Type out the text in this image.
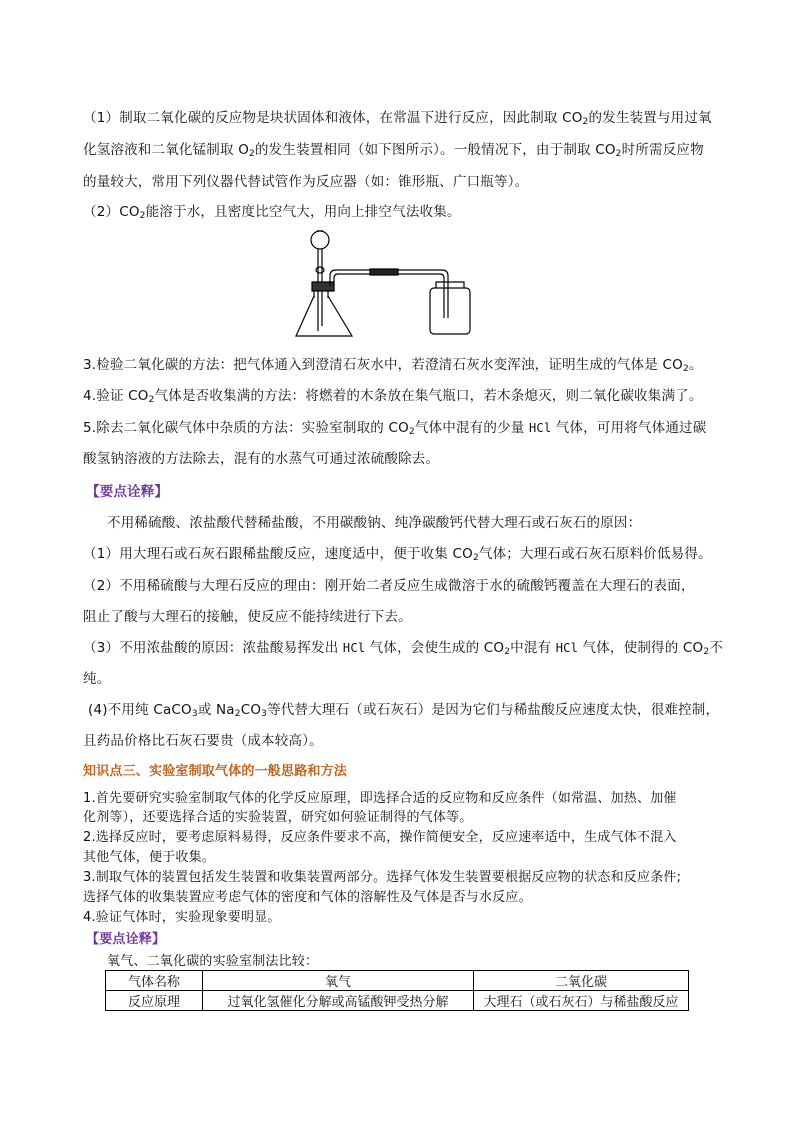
（1）制取二氧化碳的反应物是块状固体和液体，在常温下进行反应，因此制取 $CO_2$的发生装置与用过氧
化氢溶液和二氧化锰制取 $O_2$的发生装置相同（如下图所示）。一般情况下，由于制取 $CO_2$时所需反应物
的量较大，常用下列仪器代替试管作为反应器（如：锥形瓶、广口瓶等）。
$(2)CO_2$能溶于水，且密度比空气大，用向上排空气法收集。
3.检验二氧化碳的方法：把气体通入到澄清石灰水中，若澄清石灰水变浑浊，证明生成的气体是 $CO_2$。
4.验证 $CO_2$气体是否收集满的方法：将燃着的木条放在集气瓶口，若木条熄灭，则二氧化碳收集满了。
5.除去二氧化碳气体中杂质的方法：实验室制取的 $CO_2$气体中混有的少量 HCl 气体，可用将气体通过碳
酸氢钠溶液的方法除去，混有的水蒸气可通过浓硫酸除去。
【要点诠释】
不用稀硫酸、浓盐酸代替稀盐酸，不用碳酸钠、纯净碳酸钙代替大理石或石灰石的原因：
（1）用大理石或石灰石跟稀盐酸反应，速度适中，便于收集 $CO_2$气体；大理石或石灰石原料价低易得。
（2）不用稀硫酸与大理石反应的理由：刚开始二者反应生成微溶于水的硫酸钙覆盖在大理石的表面，
阻止了酸与大理石的接触，使反应不能持续进行下去。
（3）不用浓盐酸的原因：浓盐酸易挥发出 HCl 气体，会使生成的 $CO_2$中混有 HCl 气体，使制得的 $CO_2$不
纯。
(4)不用纯 CaCO$_3$或 $Na_2CO_3$等代替大理石（或石灰石）是因为它们与稀盐酸反应速度太快，很难控制，
且药品价格比石灰石要贵（成本较高）。
知识点三、实验室制取气体的一般思路和方法
1.首先要研究实验室制取气体的化学反应原理，即选择合适的反应物和反应条件（如常温、加热、加催
化剂等），还要选择合适的实验装置，研究如何验证制得的气体等。
2.选择反应时，要考虑原料易得，反应条件要求不高，操作简便安全，反应速率适中，生成气体不混入
其他气体，便于收集。
3.制取气体的装置包括发生装置和收集装置两部分。选择气体发生装置要根据反应物的状态和反应条件;
选择气体的收集装置应考虑气体的密度和气体的溶解性及气体是否与水反应。
4.验证气体时，实验现象要明显。
【要点诠释】
氧气、二氧化碳的实验室制法比较：
气体名称	氧气	二氧化碳
反应原理	过氧化氢催化分解或高锰酸钾受热分解	大理石（或石灰石）与稀盐酸反应
